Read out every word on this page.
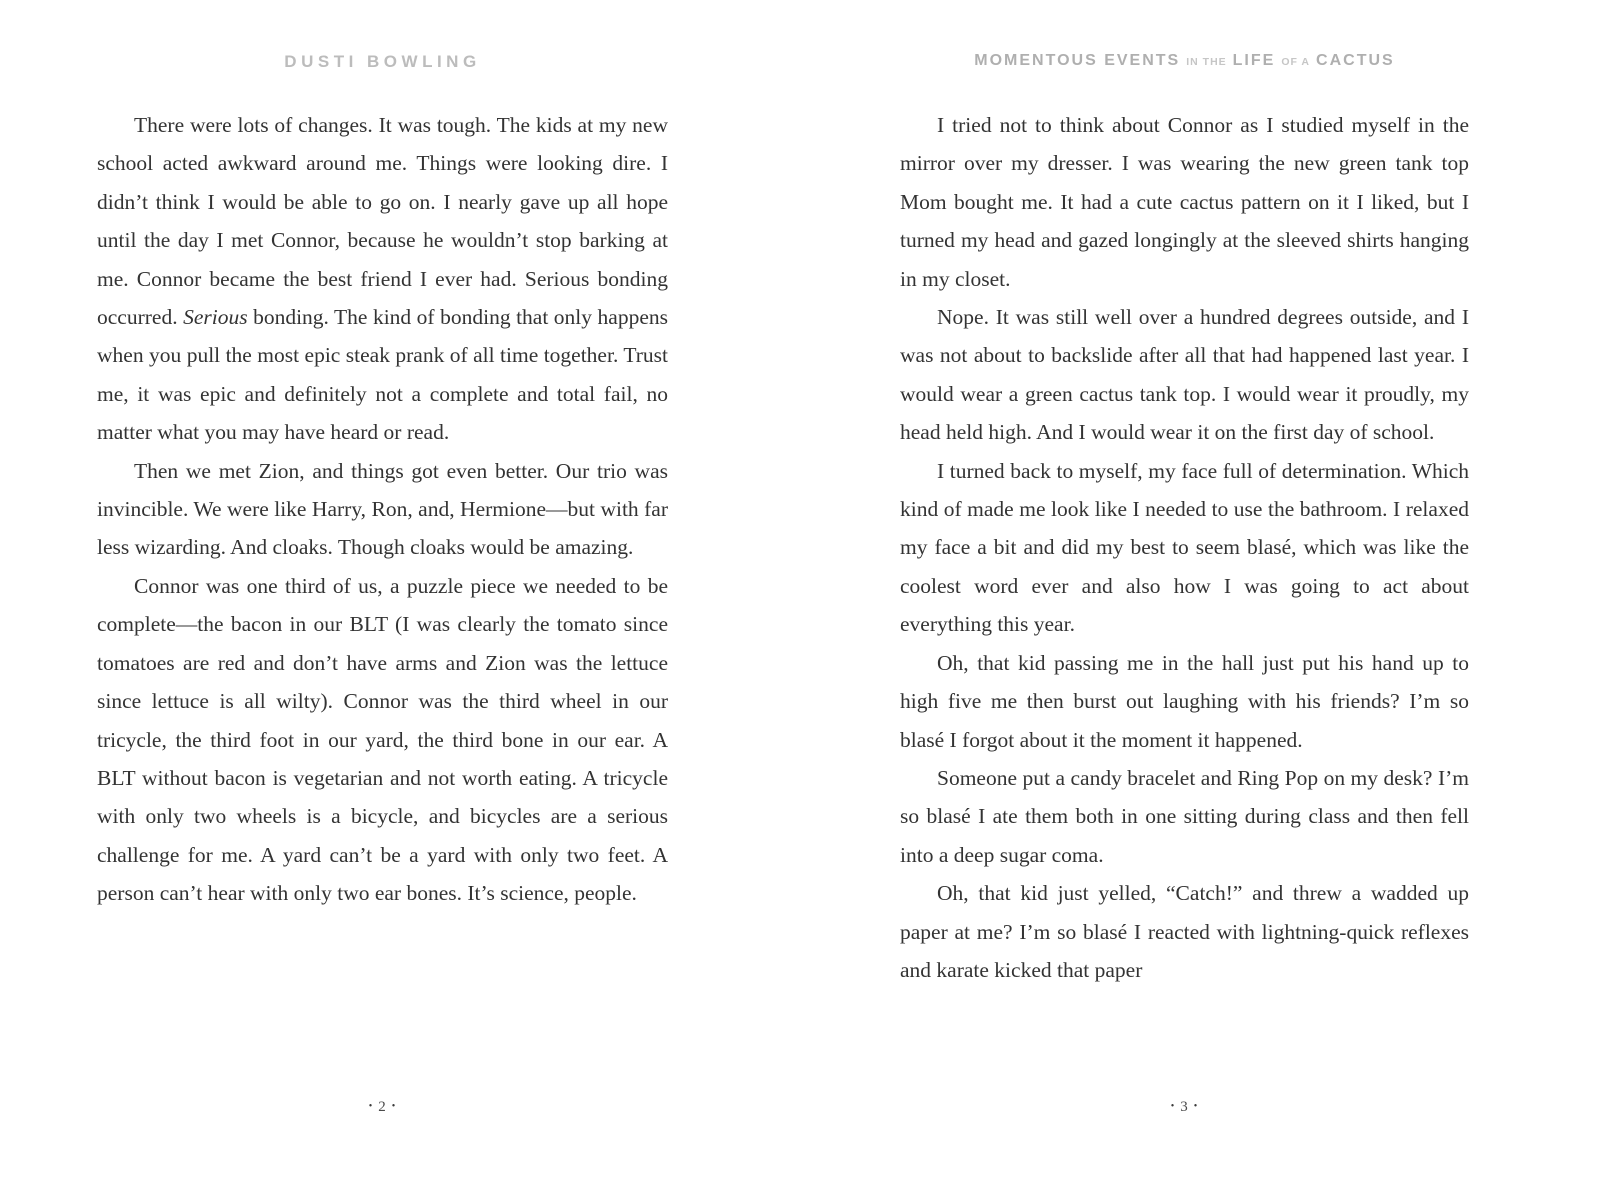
DUSTI BOWLING

There were lots of changes. It was tough. The kids at my new school acted awkward around me. Things were looking dire. I didn’t think I would be able to go on. I nearly gave up all hope until the day I met Connor, because he wouldn’t stop barking at me. Connor became the best friend I ever had. Serious bonding occurred. Serious bonding. The kind of bonding that only happens when you pull the most epic steak prank of all time together. Trust me, it was epic and definitely not a complete and total fail, no matter what you may have heard or read.

Then we met Zion, and things got even better. Our trio was invincible. We were like Harry, Ron, and, Hermione—but with far less wizarding. And cloaks. Though cloaks would be amazing.

Connor was one third of us, a puzzle piece we needed to be complete—the bacon in our BLT (I was clearly the tomato since tomatoes are red and don’t have arms and Zion was the lettuce since lettuce is all wilty). Connor was the third wheel in our tricycle, the third foot in our yard, the third bone in our ear. A BLT without bacon is vegetarian and not worth eating. A tricycle with only two wheels is a bicycle, and bicycles are a serious challenge for me. A yard can’t be a yard with only two feet. A person can’t hear with only two ear bones. It’s science, people.

• 2 •
MOMENTOUS EVENTS IN THE LIFE OF A CACTUS

I tried not to think about Connor as I studied myself in the mirror over my dresser. I was wearing the new green tank top Mom bought me. It had a cute cactus pattern on it I liked, but I turned my head and gazed longingly at the sleeved shirts hanging in my closet.

Nope. It was still well over a hundred degrees outside, and I was not about to backslide after all that had happened last year. I would wear a green cactus tank top. I would wear it proudly, my head held high. And I would wear it on the first day of school.

I turned back to myself, my face full of determination. Which kind of made me look like I needed to use the bathroom. I relaxed my face a bit and did my best to seem blasé, which was like the coolest word ever and also how I was going to act about everything this year.

Oh, that kid passing me in the hall just put his hand up to high five me then burst out laughing with his friends? I’m so blasé I forgot about it the moment it happened.

Someone put a candy bracelet and Ring Pop on my desk? I’m so blasé I ate them both in one sitting during class and then fell into a deep sugar coma.

Oh, that kid just yelled, “Catch!” and threw a wadded up paper at me? I’m so blasé I reacted with lightning-quick reflexes and karate kicked that paper

• 3 •
